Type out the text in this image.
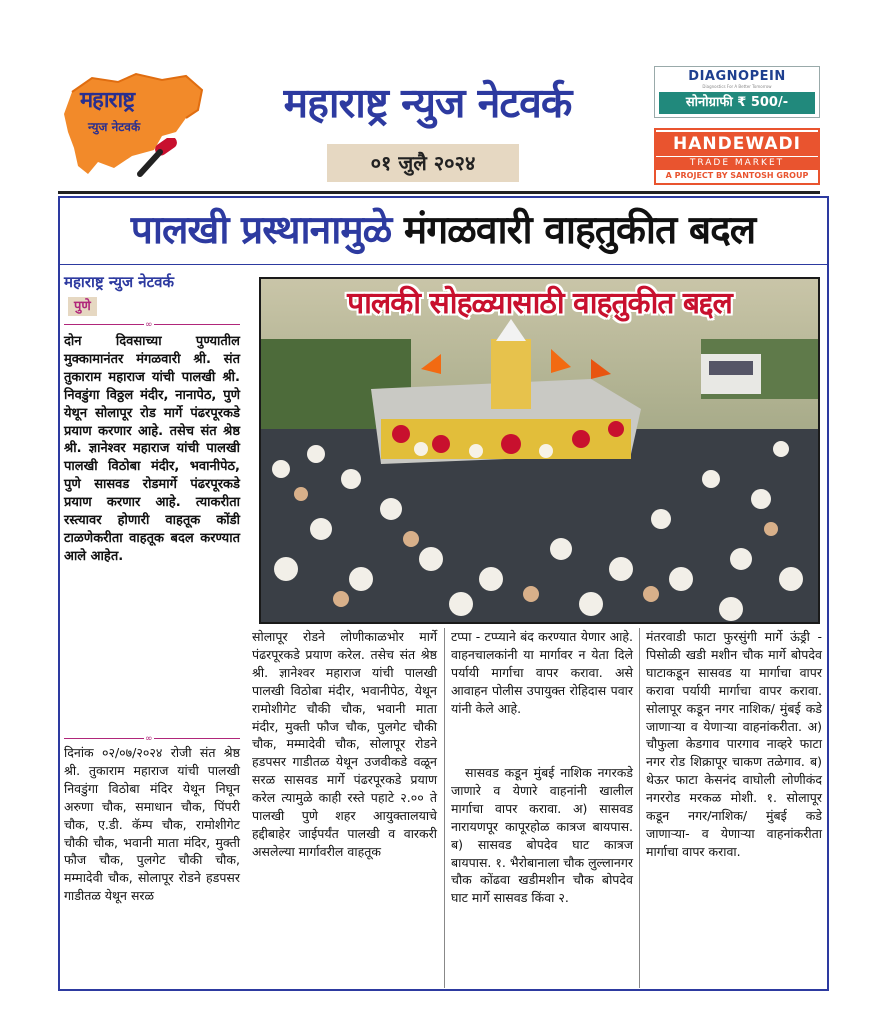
महाराष्ट्र
न्युज नेटवर्क	महाराष्ट्र न्युज नेटवर्क
०१ जुलै २०२४
DIAGNOPEIN
Diagnostics For A Better Tomorrow
सोनोग्राफी ₹ 500/-
HANDEWADI
TRADE MARKET
A PROJECT BY SANTOSH GROUP
पालखी प्रस्थानामुळे मंगळवारी वाहतुकीत बदल
महाराष्ट्र न्युज नेटवर्क
पुणे
∞
दोन दिवसाच्या पुण्यातील मुक्कामानंतर मंगळवारी श्री. संत तुकाराम महाराज यांची पालखी श्री. निवडुंगा विठ्ठल मंदीर, नानापेठ, पुणे येथून सोलापूर रोड मार्गे पंढरपूरकडे प्रयाण करणार आहे. तसेच संत श्रेष्ठ श्री. ज्ञानेश्वर महाराज यांची पालखी पालखी विठोबा मंदीर, भवानीपेठ, पुणे सासवड रोडमार्गे पंढरपूरकडे प्रयाण करणार आहे. त्याकरीता रस्त्यावर होणारी वाहतूक कोंडी टाळणेकरीता वाहतूक बदल करण्यात आले आहेत.
∞
दिनांक ०२/०७/२०२४ रोजी संत श्रेष्ठ श्री. तुकाराम महाराज यांची पालखी निवडुंगा विठोबा मंदिर येथून निघून अरुणा चौक, समाधान चौक, पिंपरी चौक, ए.डी. कॅम्प चौक, रामोशीगेट चौकी चौक, भवानी माता मंदिर, मुक्ती फौज चौक, पुलगेट चौकी चौक, मम्मादेवी चौक, सोलापूर रोडने हडपसर गाडीतळ येथून सरळ
पालकी सोहळ्यासाठी वाहतुकीत बद्दल
सोलापूर रोडने लोणीकाळभोर मार्गे पंढरपूरकडे प्रयाण करेल. तसेच संत श्रेष्ठ श्री. ज्ञानेश्वर महाराज यांची पालखी पालखी विठोबा मंदीर, भवानीपेठ, येथून रामोशीगेट चौकी चौक, भवानी माता मंदीर, मुक्ती फौज चौक, पुलगेट चौकी चौक, मम्मादेवी चौक, सोलापूर रोडने हडपसर गाडीतळ येथून उजवीकडे वळून सरळ सासवड मार्गे पंढरपूरकडे प्रयाण करेल त्यामुळे काही रस्ते पहाटे २.०० ते पालखी पुणे शहर आयुक्तालयाचे हद्दीबाहेर जाईपर्यंत पालखी व वारकरी असलेल्या मार्गावरील वाहतूक
टप्पा - टप्प्याने बंद करण्यात येणार आहे. वाहनचालकांनी या मार्गावर न येता दिले पर्यायी मार्गाचा वापर करावा. असे आवाहन पोलीस उपायुक्त रोहिदास पवार यांनी केले आहे.
सासवड कडून मुंबई नाशिक नगरकडे जाणारे व येणारे वाहनांनी खालील मार्गाचा वापर करावा. अ) सासवड नारायणपूर कापूरहोळ कात्रज बायपास. ब) सासवड बोपदेव घाट कात्रज बायपास. १. भैरोबानाला चौक लुल्लानगर चौक कोंढवा खडीमशीन चौक बोपदेव घाट मार्गे सासवड किंवा २.
मंतरवाडी फाटा फुरसुंगी मार्गे ऊंड्री - पिसोळी खडी मशीन चौक मार्गे बोपदेव घाटाकडून सासवड या मार्गाचा वापर करावा पर्यायी मार्गाचा वापर करावा. सोलापूर कडून नगर नाशिक/ मुंबई कडे जाणाऱ्या व येणाऱ्या वाहनांकरीता. अ) चौफुला केडगाव पारगाव नाव्हरे फाटा नगर रोड शिक्रापूर चाकण तळेगाव. ब) थेऊर फाटा केसनंद वाघोली लोणीकंद नगररोड मरकळ मोशी. १. सोलापूर कडून नगर/नाशिक/ मुंबई कडे जाणाऱ्या- व येणाऱ्या वाहनांकरीता मार्गाचा वापर करावा.
